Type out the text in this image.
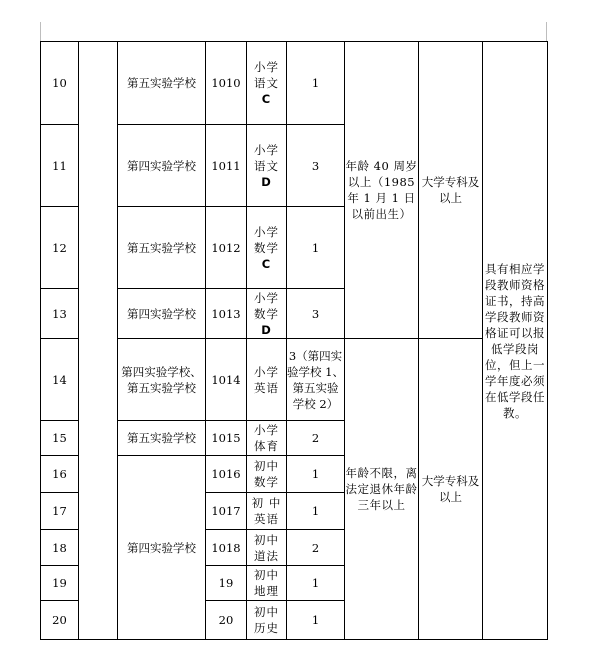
10		第五实验学校	1010	小学
语文
C	1	年龄 40 周岁以上（1985 年 1 月 1 日以前出生）	大学专科及以上	具有相应学段教师资格证书，持高学段教师资格证可以报低学段岗位，但上一学年度必须在低学段任教。
11		第四实验学校	1011	小学
语文
D	3			
12		第五实验学校	1012	小学
数学
C	1			
13		第四实验学校	1013	小学
数学
D	3			
14		第四实验学校、第五实验学校	1014	小学
英语	3（第四实验学校 1、第五实验学校 2）	年龄不限，离法定退休年龄三年以上	大学专科及以上	
15		第五实验学校	1015	小学
体育	2			
16		第四实验学校	1016	初中
数学	1			
17			1017	初 中
英语	1			
18			1018	初中
道法	2			
19			19	初中
地理	1			
20			20	初中
历史	1			
